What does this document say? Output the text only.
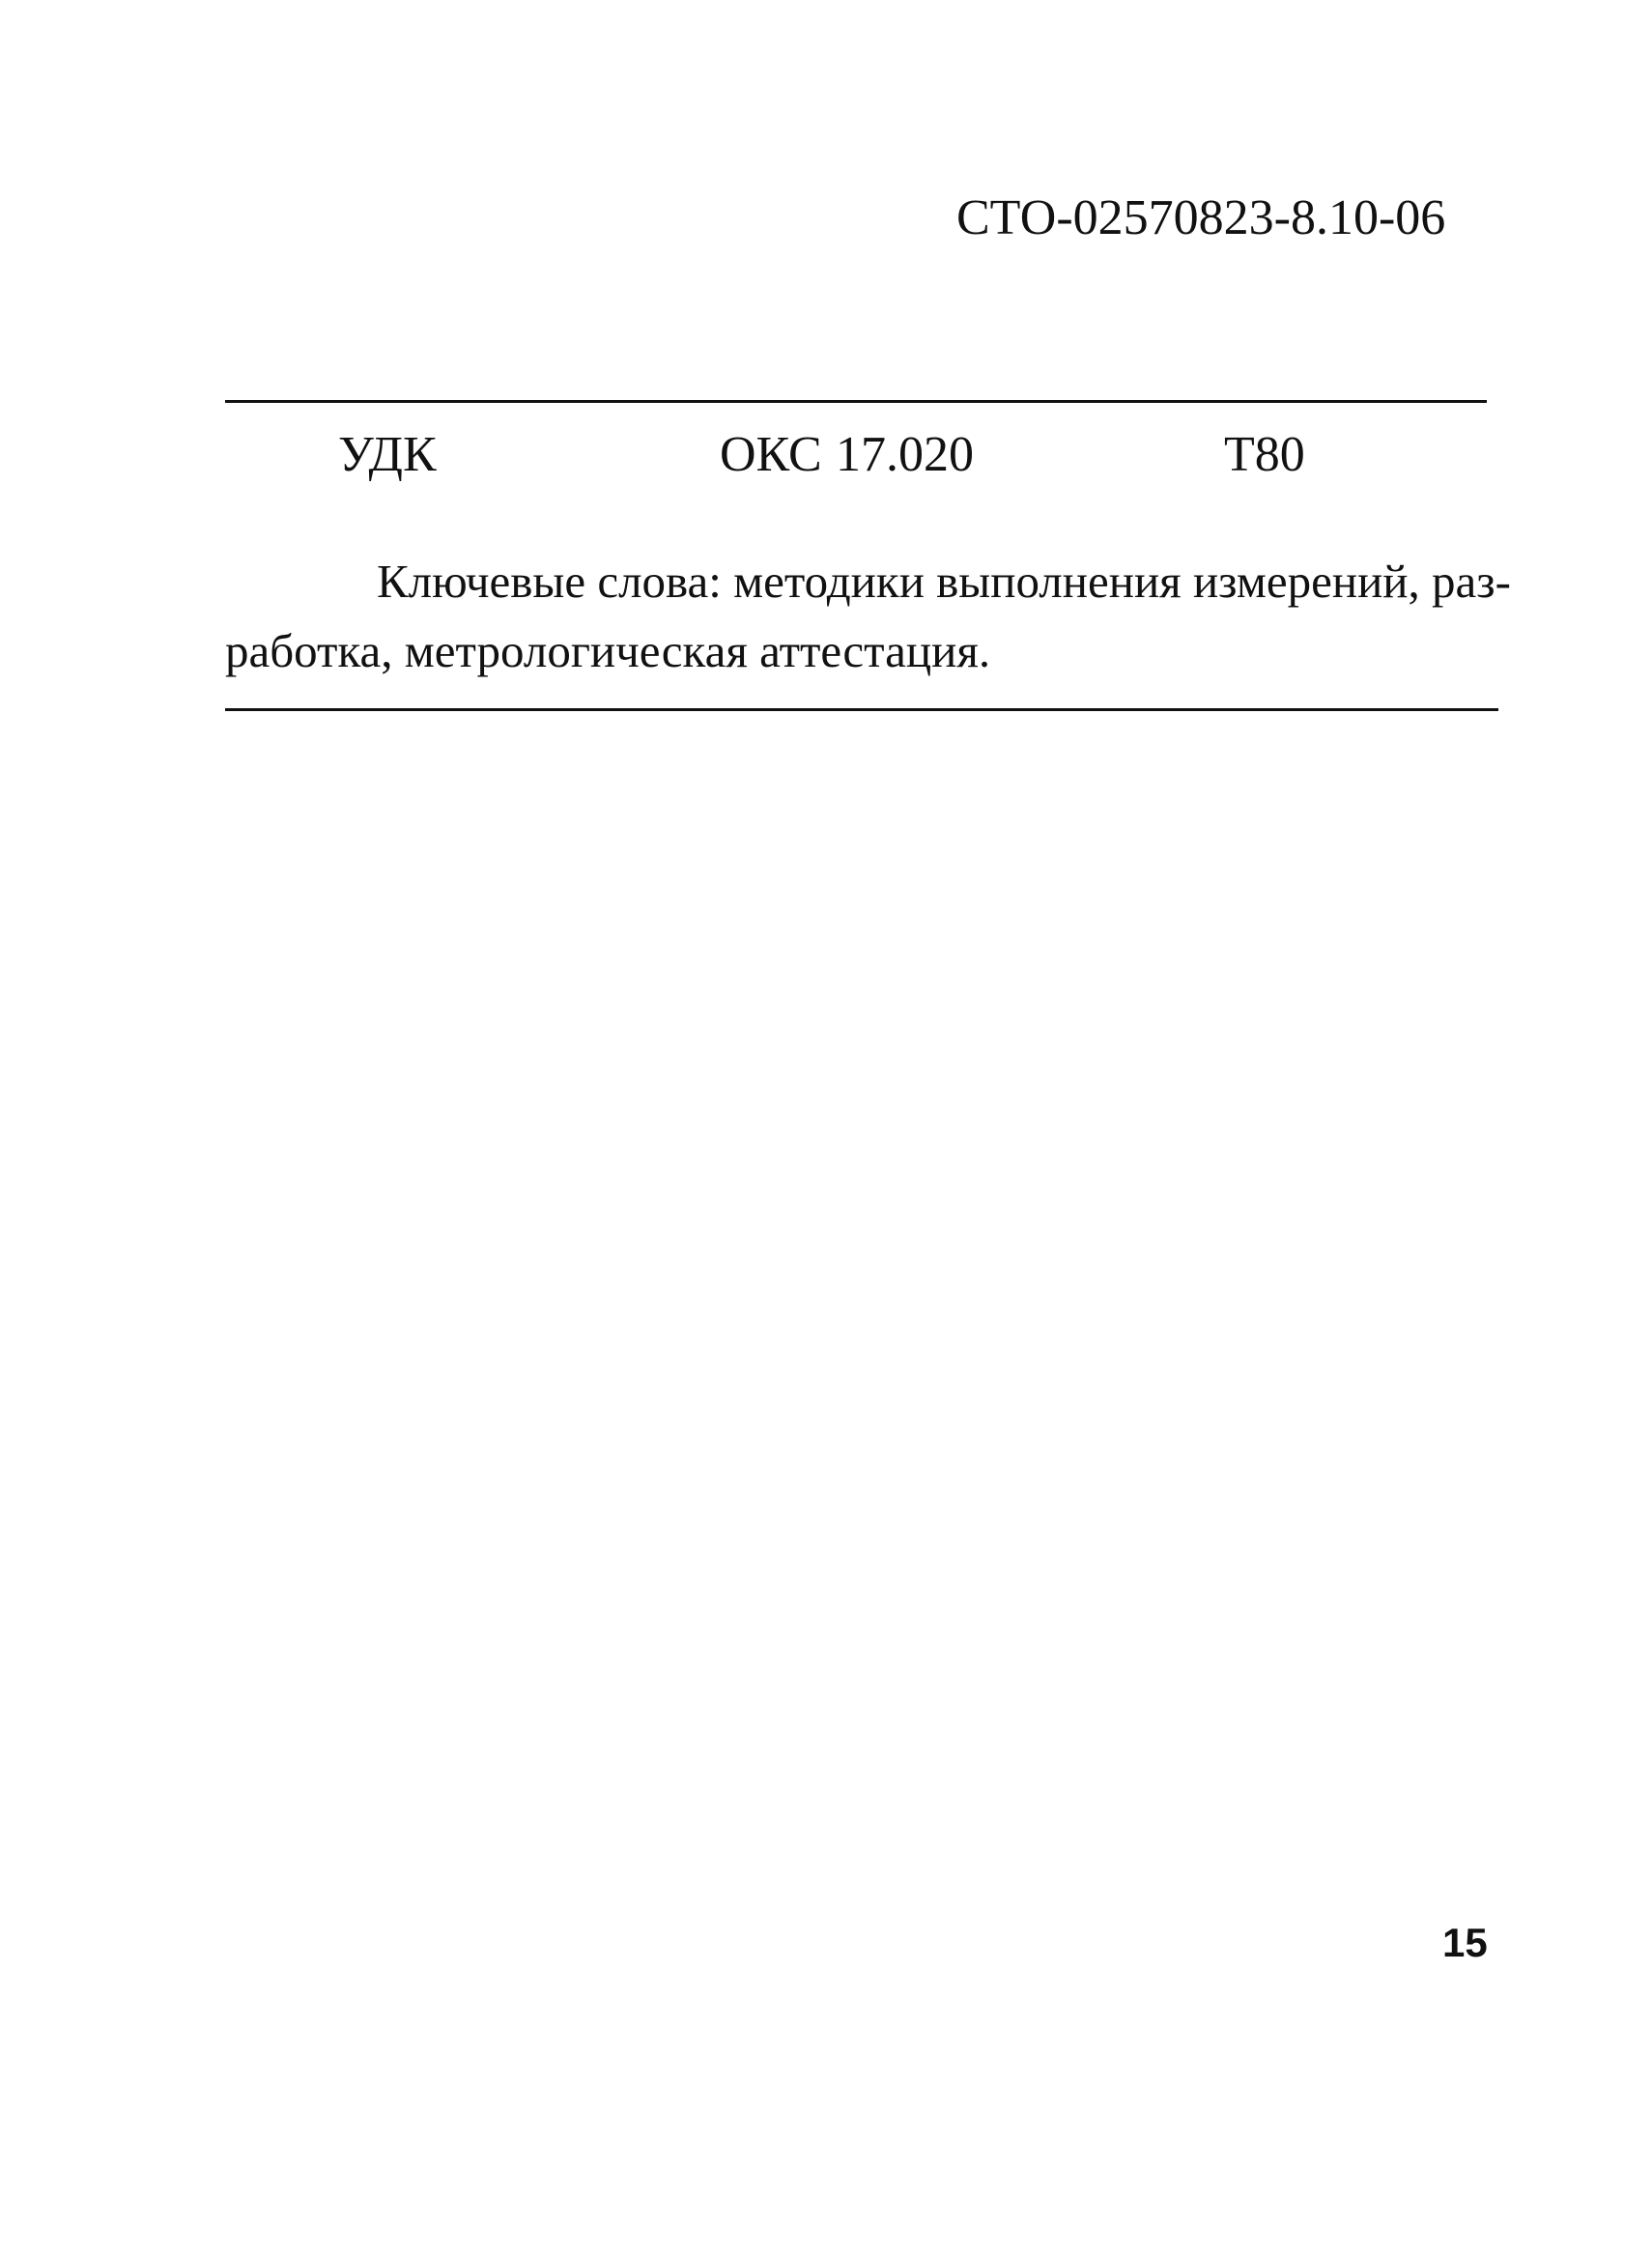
СТО-02570823-8.10-06
УДК	ОКС 17.020	Т80

Ключевые слова: методики выполнения измерений, раз-
работка, метрологическая аттестация.

15
